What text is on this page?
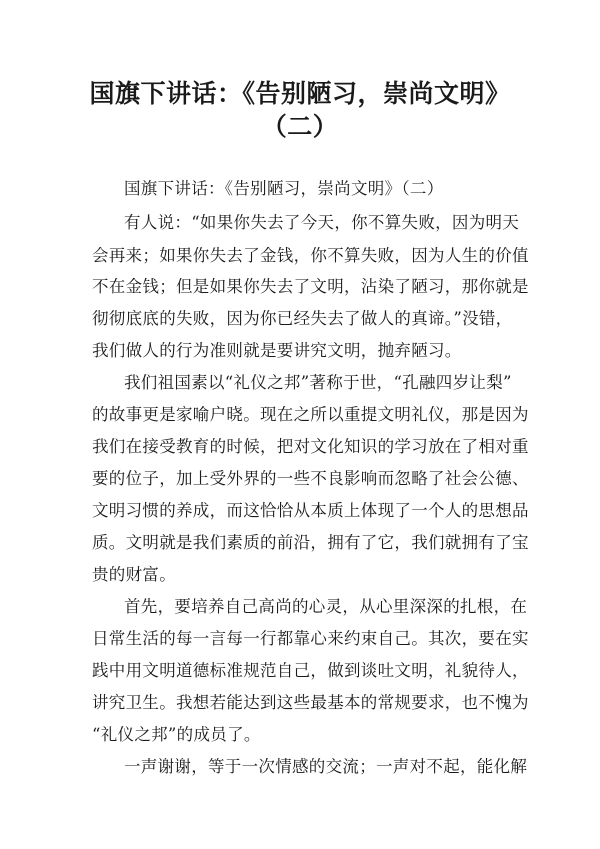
国旗下讲话：《告别陋习，崇尚文明》
（二）
国旗下讲话：《告别陋习，崇尚文明》（二）
有人说：“如果你失去了今天，你不算失败，因为明天
会再来；如果你失去了金钱，你不算失败，因为人生的价值
不在金钱；但是如果你失去了文明，沾染了陋习，那你就是
彻彻底底的失败，因为你已经失去了做人的真谛。”没错，
我们做人的行为准则就是要讲究文明，抛弃陋习。
我们祖国素以“礼仪之邦”著称于世，“孔融四岁让梨”
的故事更是家喻户晓。现在之所以重提文明礼仪，那是因为
我们在接受教育的时候，把对文化知识的学习放在了相对重
要的位子，加上受外界的一些不良影响而忽略了社会公德、
文明习惯的养成，而这恰恰从本质上体现了一个人的思想品
质。文明就是我们素质的前沿，拥有了它，我们就拥有了宝
贵的财富。
首先，要培养自己高尚的心灵，从心里深深的扎根，在
日常生活的每一言每一行都靠心来约束自己。其次，要在实
践中用文明道德标准规范自己，做到谈吐文明，礼貌待人，
讲究卫生。我想若能达到这些最基本的常规要求，也不愧为
“礼仪之邦”的成员了。
一声谢谢，等于一次情感的交流；一声对不起，能化解
